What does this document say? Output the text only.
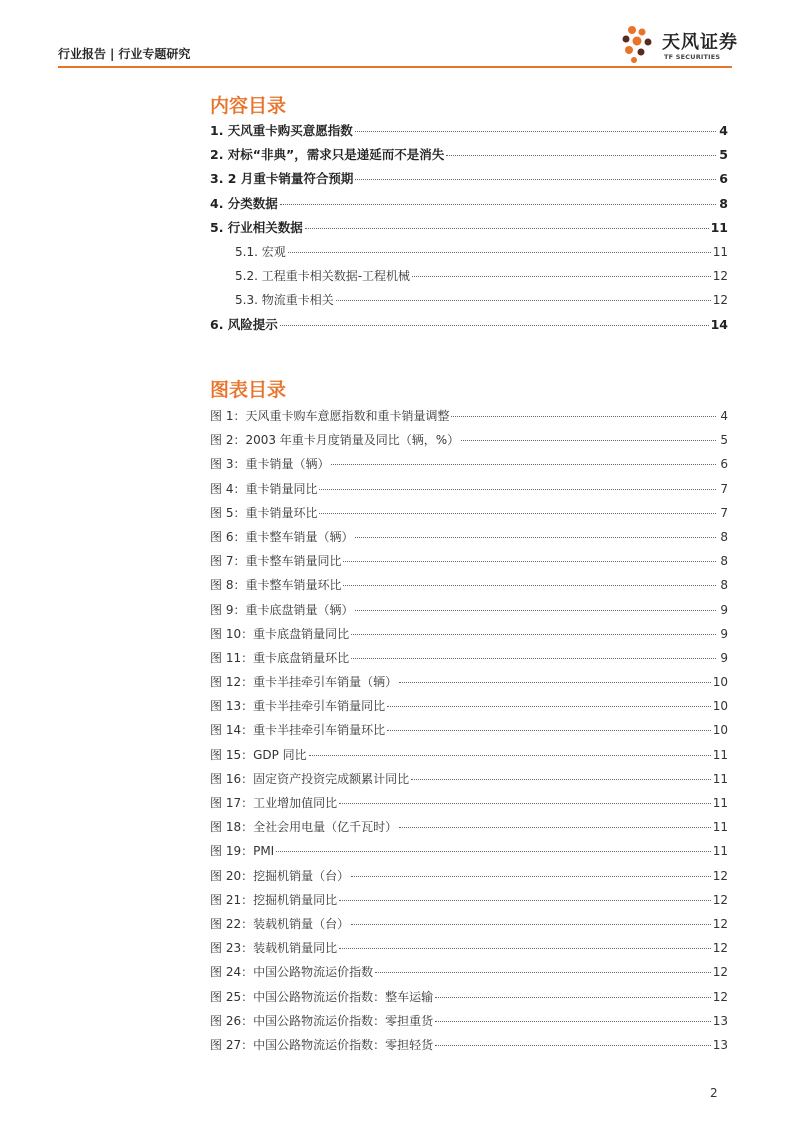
行业报告 | 行业专题研究
天风证券
TF SECURITIES
内容目录
1. 天风重卡购买意愿指数	4
2. 对标“非典”，需求只是递延而不是消失	5
3. 2 月重卡销量符合预期	6
4. 分类数据	8
5. 行业相关数据	11
5.1. 宏观	11
5.2. 工程重卡相关数据-工程机械	12
5.3. 物流重卡相关	12
6. 风险提示	14
图表目录
图 1：天风重卡购车意愿指数和重卡销量调整	4
图 2：2003 年重卡月度销量及同比（辆，%）	5
图 3：重卡销量（辆）	6
图 4：重卡销量同比	7
图 5：重卡销量环比	7
图 6：重卡整车销量（辆）	8
图 7：重卡整车销量同比	8
图 8：重卡整车销量环比	8
图 9：重卡底盘销量（辆）	9
图 10：重卡底盘销量同比	9
图 11：重卡底盘销量环比	9
图 12：重卡半挂牵引车销量（辆）	10
图 13：重卡半挂牵引车销量同比	10
图 14：重卡半挂牵引车销量环比	10
图 15：GDP 同比	11
图 16：固定资产投资完成额累计同比	11
图 17：工业增加值同比	11
图 18：全社会用电量（亿千瓦时）	11
图 19：PMI	11
图 20：挖掘机销量（台）	12
图 21：挖掘机销量同比	12
图 22：装载机销量（台）	12
图 23：装载机销量同比	12
图 24：中国公路物流运价指数	12
图 25：中国公路物流运价指数：整车运输	12
图 26：中国公路物流运价指数：零担重货	13
图 27：中国公路物流运价指数：零担轻货	13
2
